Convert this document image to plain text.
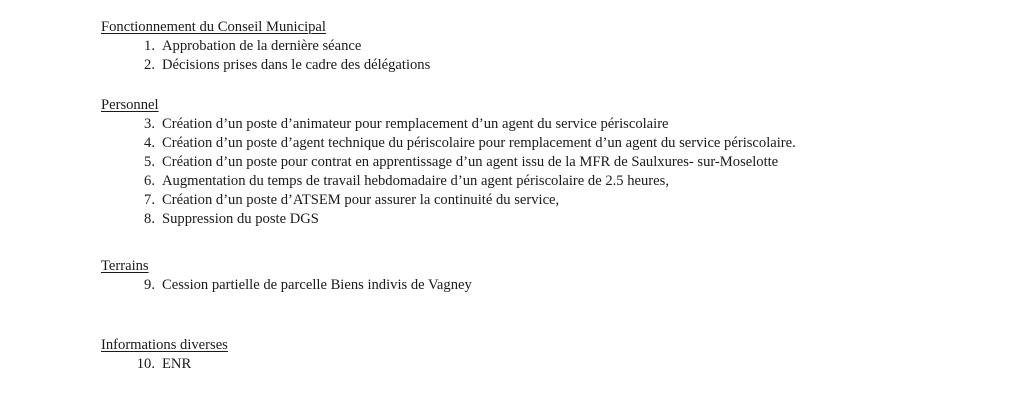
Fonctionnement du Conseil Municipal
1. Approbation de la dernière séance
2. Décisions prises dans le cadre des délégations
Personnel
3. Création d’un poste d’animateur pour remplacement d’un agent du service périscolaire
4. Création d’un poste d’agent technique du périscolaire pour remplacement d’un agent du service périscolaire.
5. Création d’un poste pour contrat en apprentissage d’un agent issu de la MFR de Saulxures- sur-Moselotte
6. Augmentation du temps de travail hebdomadaire d’un agent périscolaire de 2.5 heures,
7. Création d’un poste d’ATSEM pour assurer la continuité du service,
8. Suppression du poste DGS
Terrains
9. Cession partielle de parcelle Biens indivis de Vagney
Informations diverses
10. ENR
